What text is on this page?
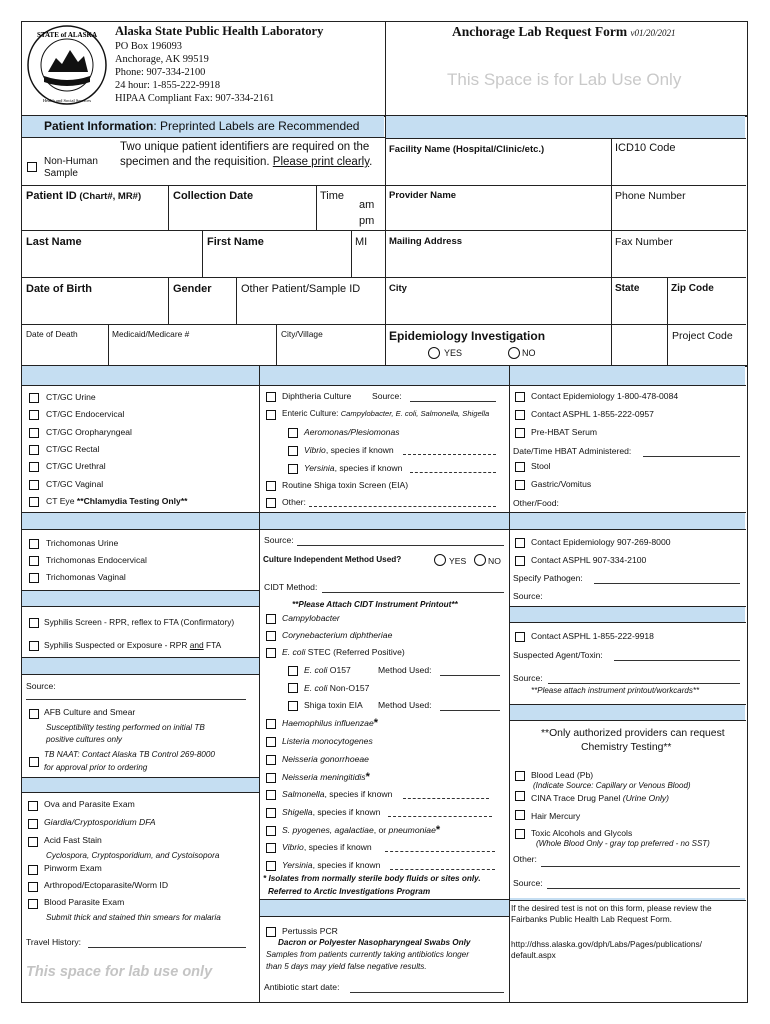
STATE of ALASKA
Health and Social Services
Alaska State Public Health Laboratory
PO Box 196093
Anchorage, AK 99519
Phone: 907-334-2100
24 hour: 1-855-222-9918
HIPAA Compliant Fax: 907-334-2161
Anchorage Lab Request Form v01/20/2021
This Space is for Lab Use Only
Patient Information: Preprinted Labels are Recommended
Non-Human
Sample
Two unique patient identifiers are required on the
specimen and the requisition. Please print clearly.
Patient ID (Chart#, MR#)	Collection Date	Time
am
pm
Last Name	First Name	MI
Date of Birth	Gender	Other Patient/Sample ID
Date of Death	Medicaid/Medicare #	City/Village
Facility Name (Hospital/Clinic/etc.)	ICD10 Code
Provider Name	Phone Number
Mailing Address	Fax Number
City	State	Zip Code
Epidemiology Investigation
YES	NO
Project Code
CT/GC Urine
CT/GC Endocervical
CT/GC Oropharyngeal
CT/GC Rectal
CT/GC Urethral
CT/GC Vaginal
CT Eye **Chlamydia Testing Only**
Trichomonas Urine
Trichomonas Endocervical
Trichomonas Vaginal
Syphilis Screen - RPR, reflex to FTA (Confirmatory)
Syphilis Suspected or Exposure - RPR and FTA
Source:
AFB Culture and Smear
Susceptibility testing performed on initial TB
positive cultures only
TB NAAT: Contact Alaska TB Control 269-8000
for approval prior to ordering
Ova and Parasite Exam
Giardia/Cryptosporidium DFA
Acid Fast Stain
Cyclospora, Cryptosporidium, and Cystoisopora
Pinworm Exam
Arthropod/Ectoparasite/Worm ID
Blood Parasite Exam
Submit thick and stained thin smears for malaria
Travel History:
This space for lab use only
Diphtheria Culture Source:
Enteric Culture: Campylobacter, E. coli, Salmonella, Shigella
Aeromonas/Plesiomonas
Vibrio, species if known
Yersinia, species if known
Routine Shiga toxin Screen (EIA)
Other:
Source:
Culture Independent Method Used?	YES	NO
CIDT Method:
**Please Attach CIDT Instrument Printout**
Campylobacter
Corynebacterium diphtheriae
E. coli STEC (Referred Positive)
E. coli O157	Method Used:
E. coli Non-O157
Shiga toxin EIA Method Used:
Haemophilus influenzae*
Listeria monocytogenes
Neisseria gonorrhoeae
Neisseria meningitidis*
Salmonella, species if known
Shigella, species if known
S. pyogenes, agalactiae, or pneumoniae*
Vibrio, species if known
Yersinia, species if known
* Isolates from normally sterile body fluids or sites only.
Referred to Arctic Investigations Program
Pertussis PCR
Dacron or Polyester Nasopharyngeal Swabs Only
Samples from patients currently taking antibiotics longer
than 5 days may yield false negative results.
Antibiotic start date:
Contact Epidemiology 1-800-478-0084
Contact ASPHL 1-855-222-0957
Pre-HBAT Serum
Date/Time HBAT Administered:
Stool
Gastric/Vomitus
Other/Food:
Contact Epidemiology 907-269-8000
Contact ASPHL 907-334-2100
Specify Pathogen:
Source:
Contact ASPHL 1-855-222-9918
Suspected Agent/Toxin:
Source:
**Please attach instrument printout/workcards**
**Only authorized providers can request
Chemistry Testing**
Blood Lead (Pb)
(Indicate Source: Capillary or Venous Blood)
CINA Trace Drug Panel (Urine Only)
Hair Mercury
Toxic Alcohols and Glycols
(Whole Blood Only - gray top preferred - no SST)
Other:
Source:
If the desired test is not on this form, please review the
Fairbanks Public Health Lab Request Form.
http://dhss.alaska.gov/dph/Labs/Pages/publications/
default.aspx
